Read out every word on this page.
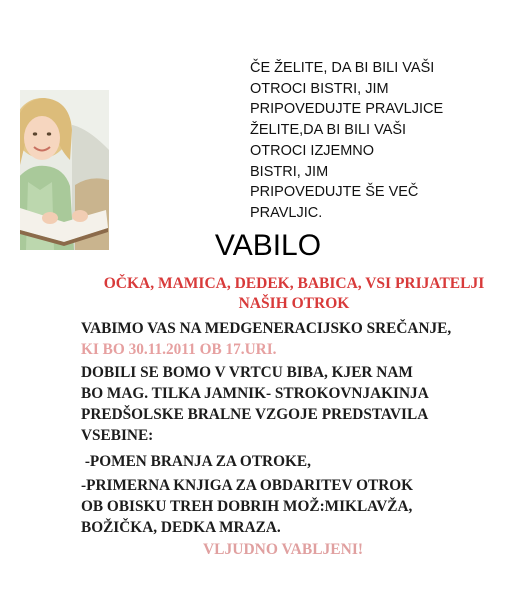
ČE ŽELITE, DA BI BILI VAŠI
OTROCI BISTRI, JIM
PRIPOVEDUJTE PRAVLJICE
ŽELITE,DA BI BILI VAŠI
OTROCI IZJEMNO
BISTRI, JIM
PRIPOVEDUJTE ŠE VEČ
PRAVLJIC.
VABILO
OČKA, MAMICA, DEDEK, BABICA, VSI PRIJATELJI
NAŠIH OTROK
VABIMO VAS NA MEDGENERACIJSKO SREČANJE,
KI BO 30.11.2011 OB 17.URI.
DOBILI SE BOMO V VRTCU BIBA, KJER NAM
BO MAG. TILKA JAMNIK- STROKOVNJAKINJA
PREDŠOLSKE BRALNE VZGOJE PREDSTAVILA
VSEBINE:
-POMEN BRANJA ZA OTROKE,
-PRIMERNA KNJIGA ZA OBDARITEV OTROK
OB OBISKU TREH DOBRIH MOŽ:MIKLAVŽA,
BOŽIČKA, DEDKA MRAZA.
VLJUDNO VABLJENI!
